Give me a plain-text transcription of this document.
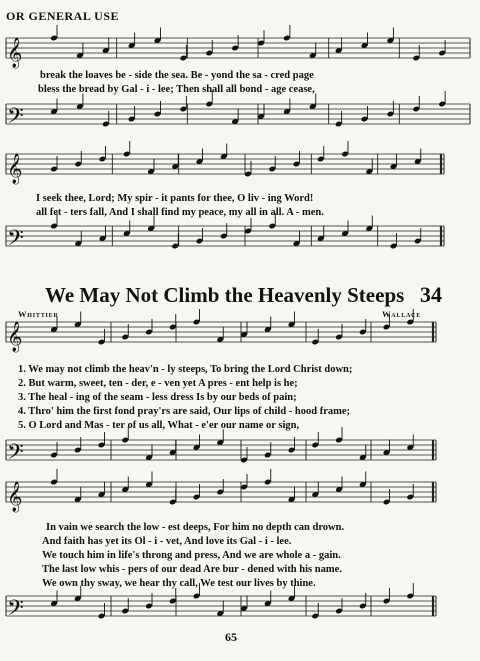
OR GENERAL USE
𝄞
𝄢
𝄞
𝄢
𝄞
𝄢
𝄞
𝄢
break the loaves be - side the sea. Be - yond the sa - cred page
bless the bread by Gal - i - lee; Then shall all bond - age cease,
I seek thee, Lord; My spir - it pants for thee, O liv - ing Word!
all fet - ters fall, And I shall find my peace, my all in all. A - men.
We May Not Climb the Heavenly Steeps 34
Whittier	Wallace
1. We may not climb the heav'n - ly steeps, To bring the Lord Christ down;
2. But warm, sweet, ten - der, e - ven yet A pres - ent help is he;
3. The heal - ing of the seam - less dress Is by our beds of pain;
4. Thro' him the first fond pray'rs are said, Our lips of child - hood frame;
5. O Lord and Mas - ter of us all, What - e'er our name or sign,
In vain we search the low - est deeps, For him no depth can drown.
And faith has yet its Ol - i - vet, And love its Gal - i - lee.
We touch him in life's throng and press, And we are whole a - gain.
The last low whis - pers of our dead Are bur - dened with his name.
We own thy sway, we hear thy call, We test our lives by thine.
65
